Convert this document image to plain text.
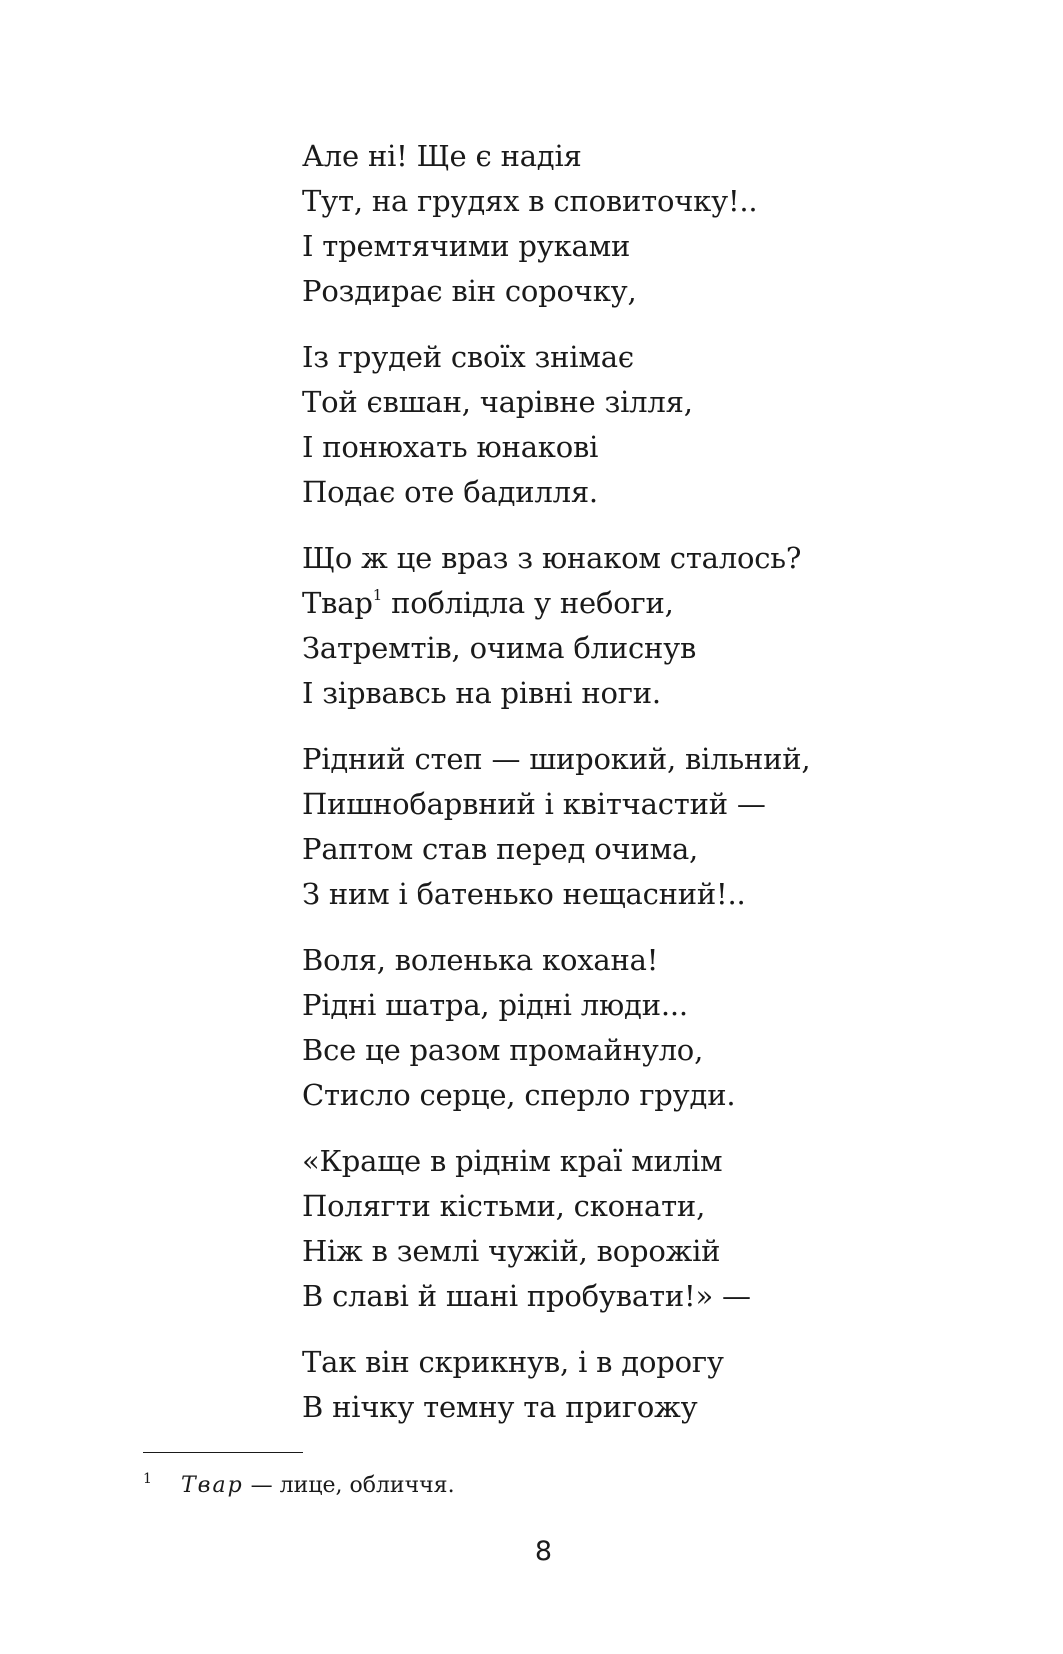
Але ні! Ще є надія
Тут, на грудях в сповиточку!..
І тремтячими руками
Роздирає він сорочку,
Із грудей своїх знімає
Той євшан, чарівне зілля,
І понюхать юнакові
Подає оте бадилля.
Що ж це враз з юнаком сталось?
Твар$^1$ поблідла у небоги,
Затремтів, очима блиснув
І зірвавсь на рівні ноги.
Рідний степ — широкий, вільний,
Пишнобарвний і квітчастий —
Раптом став перед очима,
З ним і батенько нещасний!..
Воля, воленька кохана!
Рідні шатра, рідні люди...
Все це разом промайнуло,
Стисло серце, сперло груди.
«Краще в ріднім краї милім
Полягти кістьми, сконати,
Ніж в землі чужій, ворожій
В славі й шані пробувати!» —
Так він скрикнув, і в дорогу
В нічку темну та пригожу
1 Твар — лице, обличчя.
8
